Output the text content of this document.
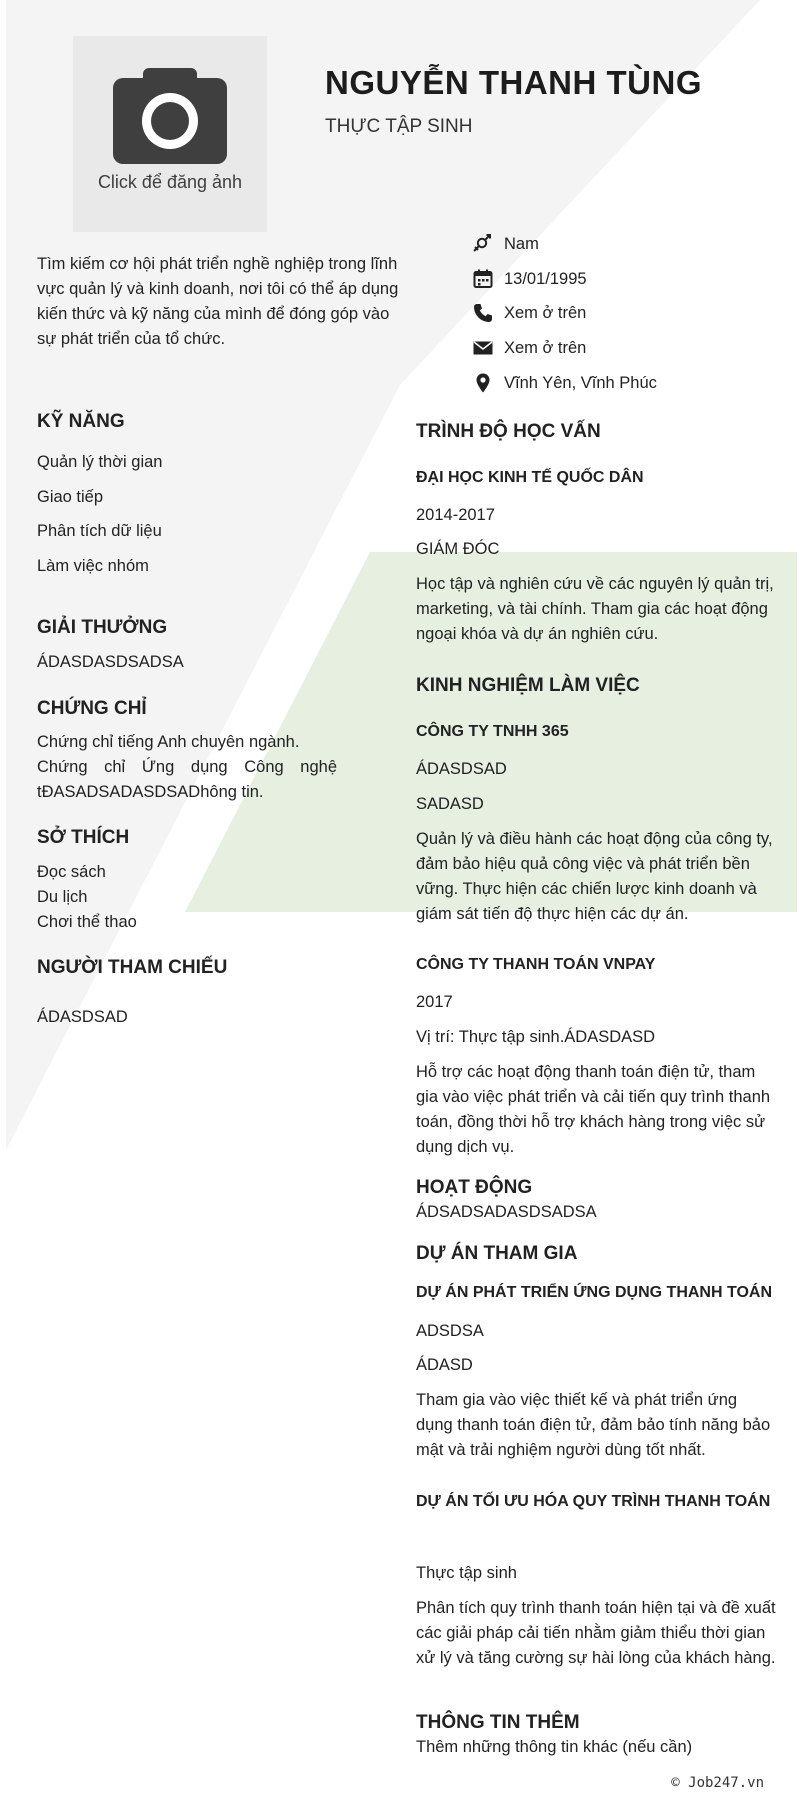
Click để đăng ảnh
NGUYỄN THANH TÙNG
THỰC TẬP SINH
Tìm kiếm cơ hội phát triển nghề nghiệp trong lĩnh vực quản lý và kinh doanh, nơi tôi có thể áp dụng kiến thức và kỹ năng của mình để đóng góp vào sự phát triển của tổ chức.
Nam
13/01/1995
Xem ở trên
Xem ở trên
Vĩnh Yên, Vĩnh Phúc
KỸ NĂNG
Quản lý thời gian
Giao tiếp
Phân tích dữ liệu
Làm việc nhóm
GIẢI THƯỞNG
ÁDASDASDSADSA
CHỨNG CHỈ
Chứng chỉ tiếng Anh chuyên ngành.
Chứng chỉ Ứng dụng Công nghệ
tĐASADSADASDSADhông tin.
SỞ THÍCH
Đọc sách
Du lịch
Chơi thể thao
NGƯỜI THAM CHIẾU
ÁDASDSAD
TRÌNH ĐỘ HỌC VẤN
ĐẠI HỌC KINH TẾ QUỐC DÂN
2014-2017
GIÁM ĐÓC
Học tập và nghiên cứu về các nguyên lý quản trị, marketing, và tài chính. Tham gia các hoạt động ngoại khóa và dự án nghiên cứu.
KINH NGHIỆM LÀM VIỆC
CÔNG TY TNHH 365
ÁDASDSAD
SADASD
Quản lý và điều hành các hoạt động của công ty, đảm bảo hiệu quả công việc và phát triển bền vững. Thực hiện các chiến lược kinh doanh và giám sát tiến độ thực hiện các dự án.
CÔNG TY THANH TOÁN VNPAY
2017
Vị trí: Thực tập sinh.ÁDASDASD
Hỗ trợ các hoạt động thanh toán điện tử, tham gia vào việc phát triển và cải tiến quy trình thanh toán, đồng thời hỗ trợ khách hàng trong việc sử dụng dịch vụ.
HOẠT ĐỘNG
ÁDSADSADASDSADSA
DỰ ÁN THAM GIA
DỰ ÁN PHÁT TRIỂN ỨNG DỤNG THANH TOÁN
ADSDSA
ÁDASD
Tham gia vào việc thiết kế và phát triển ứng dụng thanh toán điện tử, đảm bảo tính năng bảo mật và trải nghiệm người dùng tốt nhất.
DỰ ÁN TỐI ƯU HÓA QUY TRÌNH THANH TOÁN
Thực tập sinh
Phân tích quy trình thanh toán hiện tại và đề xuất các giải pháp cải tiến nhằm giảm thiểu thời gian xử lý và tăng cường sự hài lòng của khách hàng.
THÔNG TIN THÊM
Thêm những thông tin khác (nếu cần)
© Job247.vn
